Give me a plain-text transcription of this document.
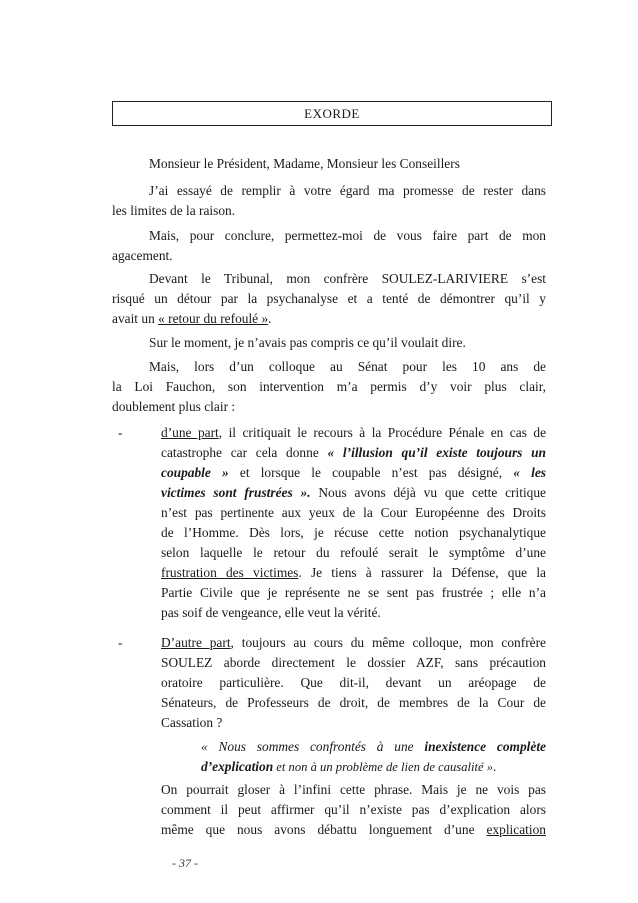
EXORDE
Monsieur le Président, Madame, Monsieur les Conseillers
J’ai essayé de remplir à votre égard ma promesse de rester dans
les limites de la raison.
Mais, pour conclure, permettez-moi de vous faire part de mon
agacement.
Devant le Tribunal, mon confrère SOULEZ-LARIVIERE s’est
risqué un détour par la psychanalyse et a tenté de démontrer qu’il y
avait un « retour du refoulé ».
Sur le moment, je n’avais pas compris ce qu’il voulait dire.
Mais, lors d’un colloque au Sénat pour les 10 ans de
la Loi Fauchon, son intervention m’a permis d’y voir plus clair,
doublement plus clair :
-	d’une part, il critiquait le recours à la Procédure Pénale en cas de
catastrophe car cela donne « l’illusion qu’il existe toujours un
coupable » et lorsque le coupable n’est pas désigné, « les
victimes sont frustrées ». Nous avons déjà vu que cette critique
n’est pas pertinente aux yeux de la Cour Européenne des Droits
de l’Homme. Dès lors, je récuse cette notion psychanalytique
selon laquelle le retour du refoulé serait le symptôme d’une
frustration des victimes. Je tiens à rassurer la Défense, que la
Partie Civile que je représente ne se sent pas frustrée ; elle n’a
pas soif de vengeance, elle veut la vérité.
-	D’autre part, toujours au cours du même colloque, mon confrère
SOULEZ aborde directement le dossier AZF, sans précaution
oratoire particulière. Que dit-il, devant un aréopage de
Sénateurs, de Professeurs de droit, de membres de la Cour de
Cassation ?
« Nous sommes confrontés à une inexistence complète
d’explication et non à un problème de lien de causalité ».
On pourrait gloser à l’infini cette phrase. Mais je ne vois pas
comment il peut affirmer qu’il n’existe pas d’explication alors
même que nous avons débattu longuement d’une explication
- 37 -
